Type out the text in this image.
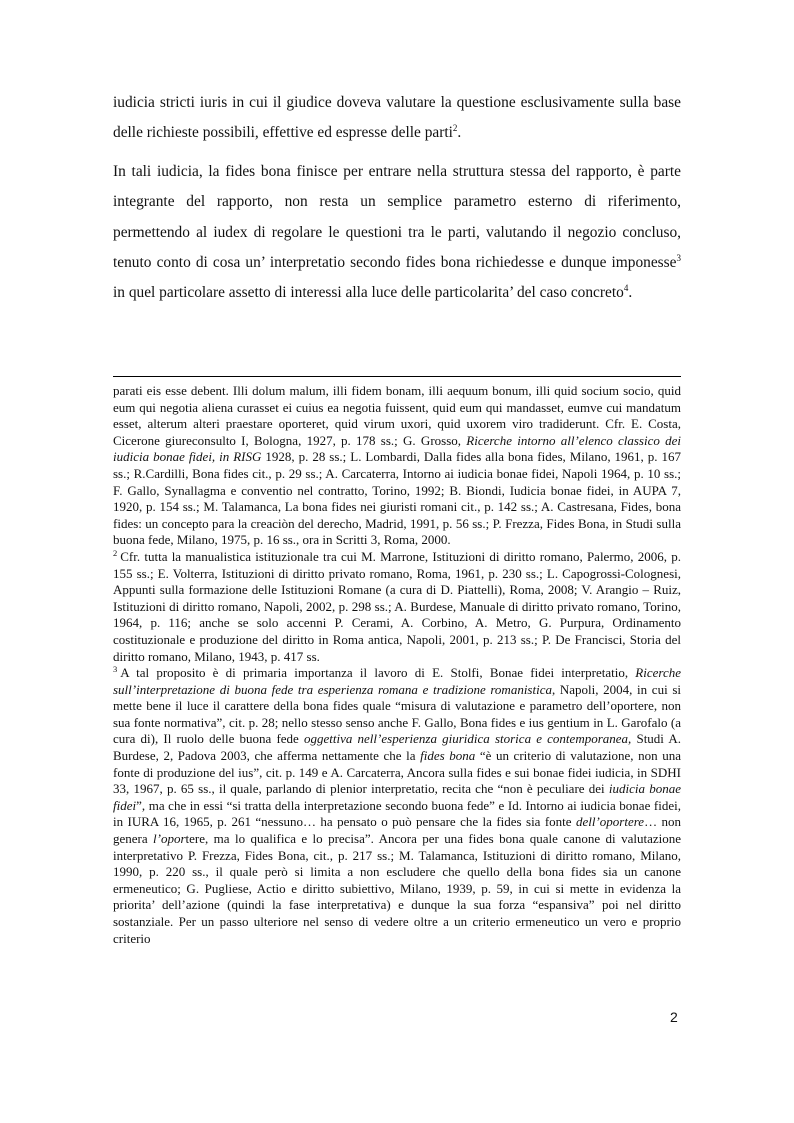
iudicia stricti iuris in cui il giudice doveva valutare la questione esclusivamente sulla base delle richieste possibili, effettive ed espresse delle parti$^2$.

In tali iudicia, la fides bona finisce per entrare nella struttura stessa del rapporto, è parte integrante del rapporto, non resta un semplice parametro esterno di riferimento, permettendo al iudex di regolare le questioni tra le parti, valutando il negozio concluso, tenuto conto di cosa un’ interpretatio secondo fides bona richiedesse e dunque imponesse$^3$ in quel particolare assetto di interessi alla luce delle particolarita’ del caso concreto$^4$.

parati eis esse debent. Illi dolum malum, illi fidem bonam, illi aequum bonum, illi quid socium socio, quid eum qui negotia aliena curasset ei cuius ea negotia fuissent, quid eum qui mandasset, eumve cui mandatum esset, alterum alteri praestare oporteret, quid virum uxori, quid uxorem viro tradiderunt. Cfr. E. Costa, Cicerone giureconsulto I, Bologna, 1927, p. 178 ss.; G. Grosso, Ricerche intorno all’elenco classico dei iudicia bonae fidei, in RISG 1928, p. 28 ss.; L. Lombardi, Dalla fides alla bona fides, Milano, 1961, p. 167 ss.; R.Cardilli, Bona fides cit., p. 29 ss.; A. Carcaterra, Intorno ai iudicia bonae fidei, Napoli 1964, p. 10 ss.; F. Gallo, Synallagma e conventio nel contratto, Torino, 1992; B. Biondi, Iudicia bonae fidei, in AUPA 7, 1920, p. 154 ss.; M. Talamanca, La bona fides nei giuristi romani cit., p. 142 ss.; A. Castresana, Fides, bona fides: un concepto para la creaciòn del derecho, Madrid, 1991, p. 56 ss.; P. Frezza, Fides Bona, in Studi sulla buona fede, Milano, 1975, p. 16 ss., ora in Scritti 3, Roma, 2000.

$^2$ Cfr. tutta la manualistica istituzionale tra cui M. Marrone, Istituzioni di diritto romano, Palermo, 2006, p. 155 ss.; E. Volterra, Istituzioni di diritto privato romano, Roma, 1961, p. 230 ss.; L. Capogrossi-Colognesi, Appunti sulla formazione delle Istituzioni Romane (a cura di D. Piattelli), Roma, 2008; V. Arangio – Ruiz, Istituzioni di diritto romano, Napoli, 2002, p. 298 ss.; A. Burdese, Manuale di diritto privato romano, Torino, 1964, p. 116; anche se solo accenni P. Cerami, A. Corbino, A. Metro, G. Purpura, Ordinamento costituzionale e produzione del diritto in Roma antica, Napoli, 2001, p. 213 ss.; P. De Francisci, Storia del diritto romano, Milano, 1943, p. 417 ss.

$^3$ A tal proposito è di primaria importanza il lavoro di E. Stolfi, Bonae fidei interpretatio, Ricerche sull’interpretazione di buona fede tra esperienza romana e tradizione romanistica, Napoli, 2004, in cui si mette bene il luce il carattere della bona fides quale “misura di valutazione e parametro dell’oportere, non sua fonte normativa”, cit. p. 28; nello stesso senso anche F. Gallo, Bona fides e ius gentium in L. Garofalo (a cura di), Il ruolo delle buona fede oggettiva nell’esperienza giuridica storica e contemporanea, Studi A. Burdese, 2, Padova 2003, che afferma nettamente che la fides bona “è un criterio di valutazione, non una fonte di produzione del ius”, cit. p. 149 e A. Carcaterra, Ancora sulla fides e sui bonae fidei iudicia, in SDHI 33, 1967, p. 65 ss., il quale, parlando di plenior interpretatio, recita che “non è peculiare dei iudicia bonae fidei”, ma che in essi “si tratta della interpretazione secondo buona fede” e Id. Intorno ai iudicia bonae fidei, in IURA 16, 1965, p. 261 “nessuno… ha pensato o può pensare che la fides sia fonte dell’oportere… non genera l’oportere, ma lo qualifica e lo precisa”. Ancora per una fides bona quale canone di valutazione interpretativo P. Frezza, Fides Bona, cit., p. 217 ss.; M. Talamanca, Istituzioni di diritto romano, Milano, 1990, p. 220 ss., il quale però si limita a non escludere che quello della bona fides sia un canone ermeneutico; G. Pugliese, Actio e diritto subiettivo, Milano, 1939, p. 59, in cui si mette in evidenza la priorita’ dell’azione (quindi la fase interpretativa) e dunque la sua forza “espansiva” poi nel diritto sostanziale. Per un passo ulteriore nel senso di vedere oltre a un criterio ermeneutico un vero e proprio criterio

2
